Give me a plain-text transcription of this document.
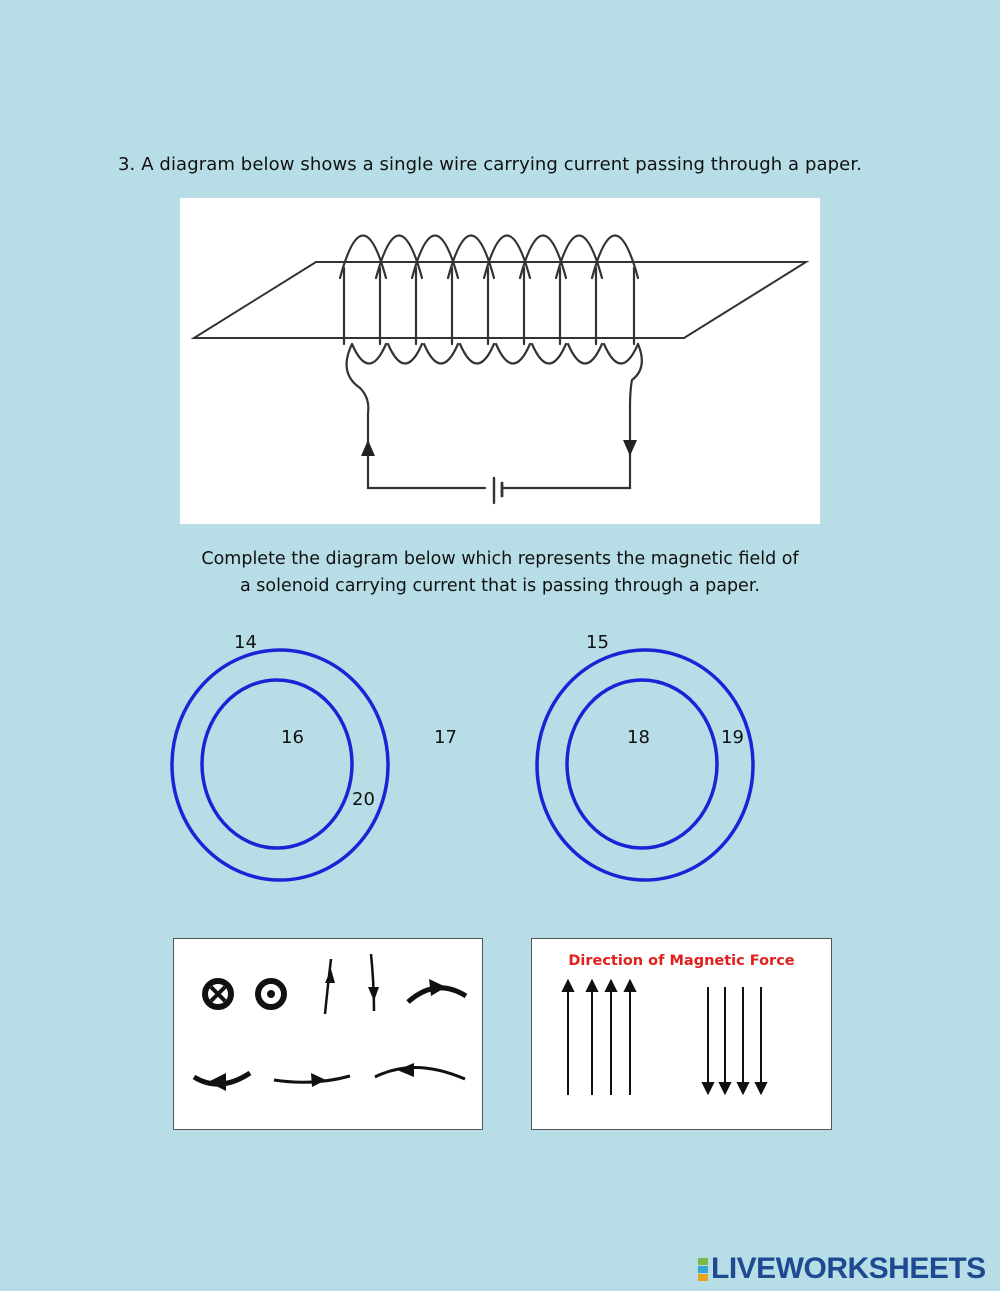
3. A diagram below shows a single wire carrying current passing through a paper.
Complete the diagram below which represents the magnetic field of
a solenoid carrying current that is passing through a paper.
14	15
16	17	18	19
20
Direction of Magnetic Force
LIVEWORKSHEETS
